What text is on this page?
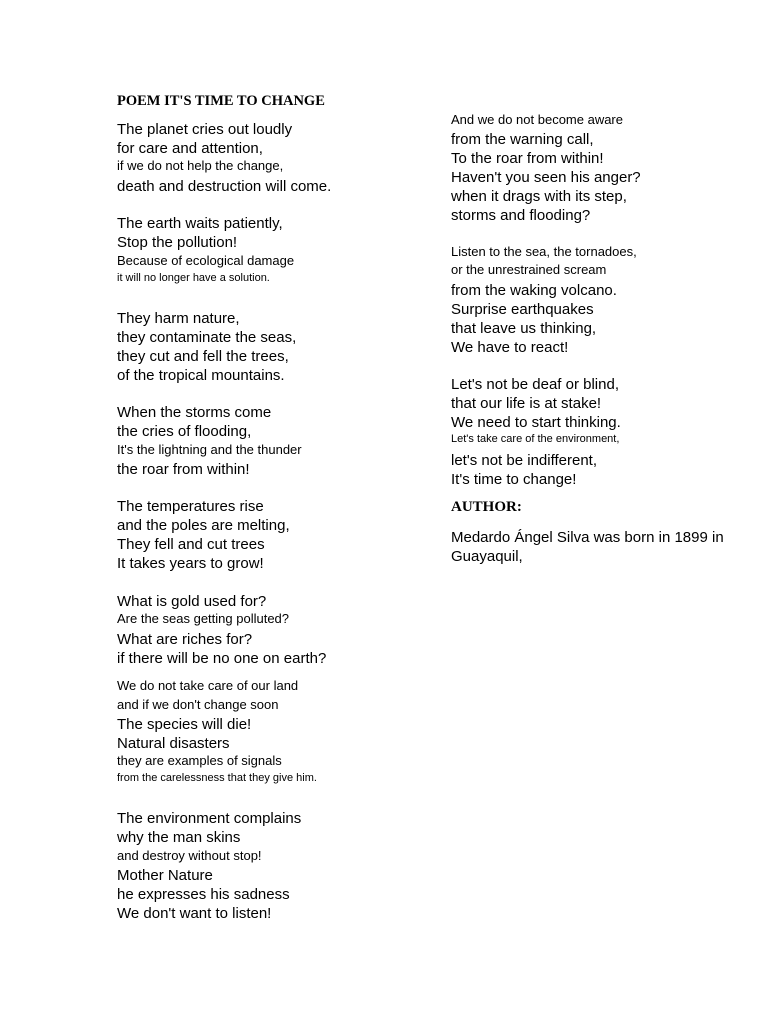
POEM IT'S TIME TO CHANGE
The planet cries out loudly
for care and attention,
if we do not help the change,
death and destruction will come.
The earth waits patiently,
Stop the pollution!
Because of ecological damage
it will no longer have a solution.
They harm nature,
they contaminate the seas,
they cut and fell the trees,
of the tropical mountains.
When the storms come
the cries of flooding,
It's the lightning and the thunder
the roar from within!
The temperatures rise
and the poles are melting,
They fell and cut trees
It takes years to grow!
What is gold used for?
Are the seas getting polluted?
What are riches for?
if there will be no one on earth?
We do not take care of our land
and if we don't change soon
The species will die!
Natural disasters
they are examples of signals
from the carelessness that they give him.
The environment complains
why the man skins
and destroy without stop!
Mother Nature
he expresses his sadness
We don't want to listen!
And we do not become aware
from the warning call,
To the roar from within!
Haven't you seen his anger?
when it drags with its step,
storms and flooding?
Listen to the sea, the tornadoes,
or the unrestrained scream
from the waking volcano.
Surprise earthquakes
that leave us thinking,
We have to react!
Let's not be deaf or blind,
that our life is at stake!
We need to start thinking.
Let's take care of the environment,
let's not be indifferent,
It's time to change!
AUTHOR:
Medardo Ángel Silva was born in 1899 in Guayaquil,
